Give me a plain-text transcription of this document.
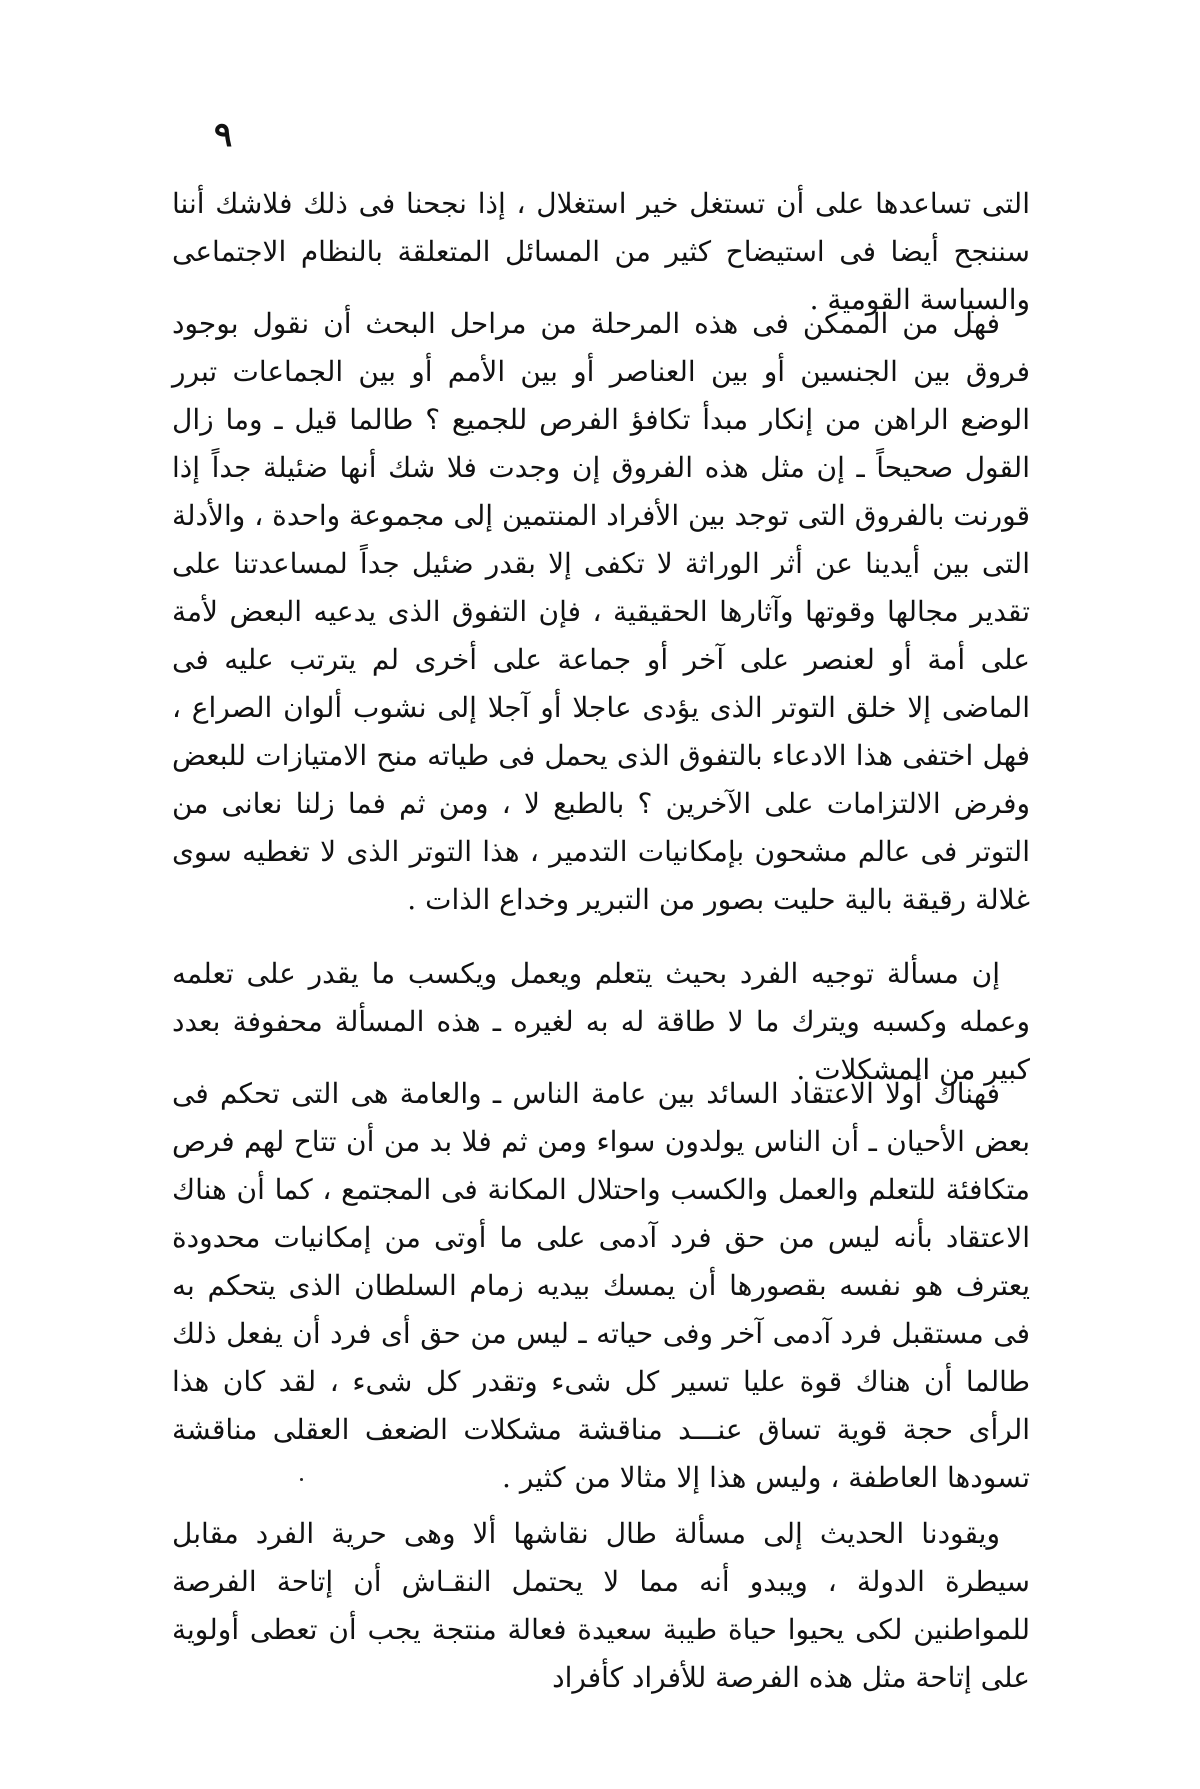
٩

التى تساعدها على أن تستغل خير استغلال ، إذا نجحنا فى ذلك فلاشك أننا سننجح أيضا فى استيضاح كثير من المسائل المتعلقة بالنظام الاجتماعى والسياسة القومية .

فهل من الممكن فى هذه المرحلة من مراحل البحث أن نقول بوجود فروق بين الجنسين أو بين العناصر أو بين الأمم أو بين الجماعات تبرر الوضع الراهن من إنكار مبدأ تكافؤ الفرص للجميع ؟ طالما قيل ـ وما زال القول صحيحاً ـ إن مثل هذه الفروق إن وجدت فلا شك أنها ضئيلة جداً إذا قورنت بالفروق التى توجد بين الأفراد المنتمين إلى مجموعة واحدة ، والأدلة التى بين أيدينا عن أثر الوراثة لا تكفى إلا بقدر ضئيل جداً لمساعدتنا على تقدير مجالها وقوتها وآثارها الحقيقية ، فإن التفوق الذى يدعيه البعض لأمة على أمة أو لعنصر على آخر أو جماعة على أخرى لم يترتب عليه فى الماضى إلا خلق التوتر الذى يؤدى عاجلا أو آجلا إلى نشوب ألوان الصراع ، فهل اختفى هذا الادعاء بالتفوق الذى يحمل فى طياته منح الامتيازات للبعض وفرض الالتزامات على الآخرين ؟ بالطبع لا ، ومن ثم فما زلنا نعانى من التوتر فى عالم مشحون بإمكانيات التدمير ، هذا التوتر الذى لا تغطيه سوى غلالة رقيقة بالية حليت بصور من التبرير وخداع الذات .

إن مسألة توجيه الفرد بحيث يتعلم ويعمل ويكسب ما يقدر على تعلمه وعمله وكسبه ويترك ما لا طاقة له به لغيره ـ هذه المسألة محفوفة بعدد كبير من المشكلات .

فهناك أولا الاعتقاد السائد بين عامة الناس ـ والعامة هى التى تحكم فى بعض الأحيان ـ أن الناس يولدون سواء ومن ثم فلا بد من أن تتاح لهم فرص متكافئة للتعلم والعمل والكسب واحتلال المكانة فى المجتمع ، كما أن هناك الاعتقاد بأنه ليس من حق فرد آدمى على ما أوتى من إمكانيات محدودة يعترف هو نفسه بقصورها أن يمسك بيديه زمام السلطان الذى يتحكم به فى مستقبل فرد آدمى آخر وفى حياته ـ ليس من حق أى فرد أن يفعل ذلك طالما أن هناك قوة عليا تسير كل شىء وتقدر كل شىء ، لقد كان هذا الرأى حجة قوية تساق عنـــد مناقشة مشكلات الضعف العقلى مناقشة تسودها العاطفة ، وليس هذا إلا مثالا من كثير .

ويقودنا الحديث إلى مسألة طال نقاشها ألا وهى حرية الفرد مقابل سيطرة الدولة ، ويبدو أنه مما لا يحتمل النقـاش أن إتاحة الفرصة للمواطنين لكى يحيوا حياة طيبة سعيدة فعالة منتجة يجب أن تعطى أولوية على إتاحة مثل هذه الفرصة للأفراد كأفراد
